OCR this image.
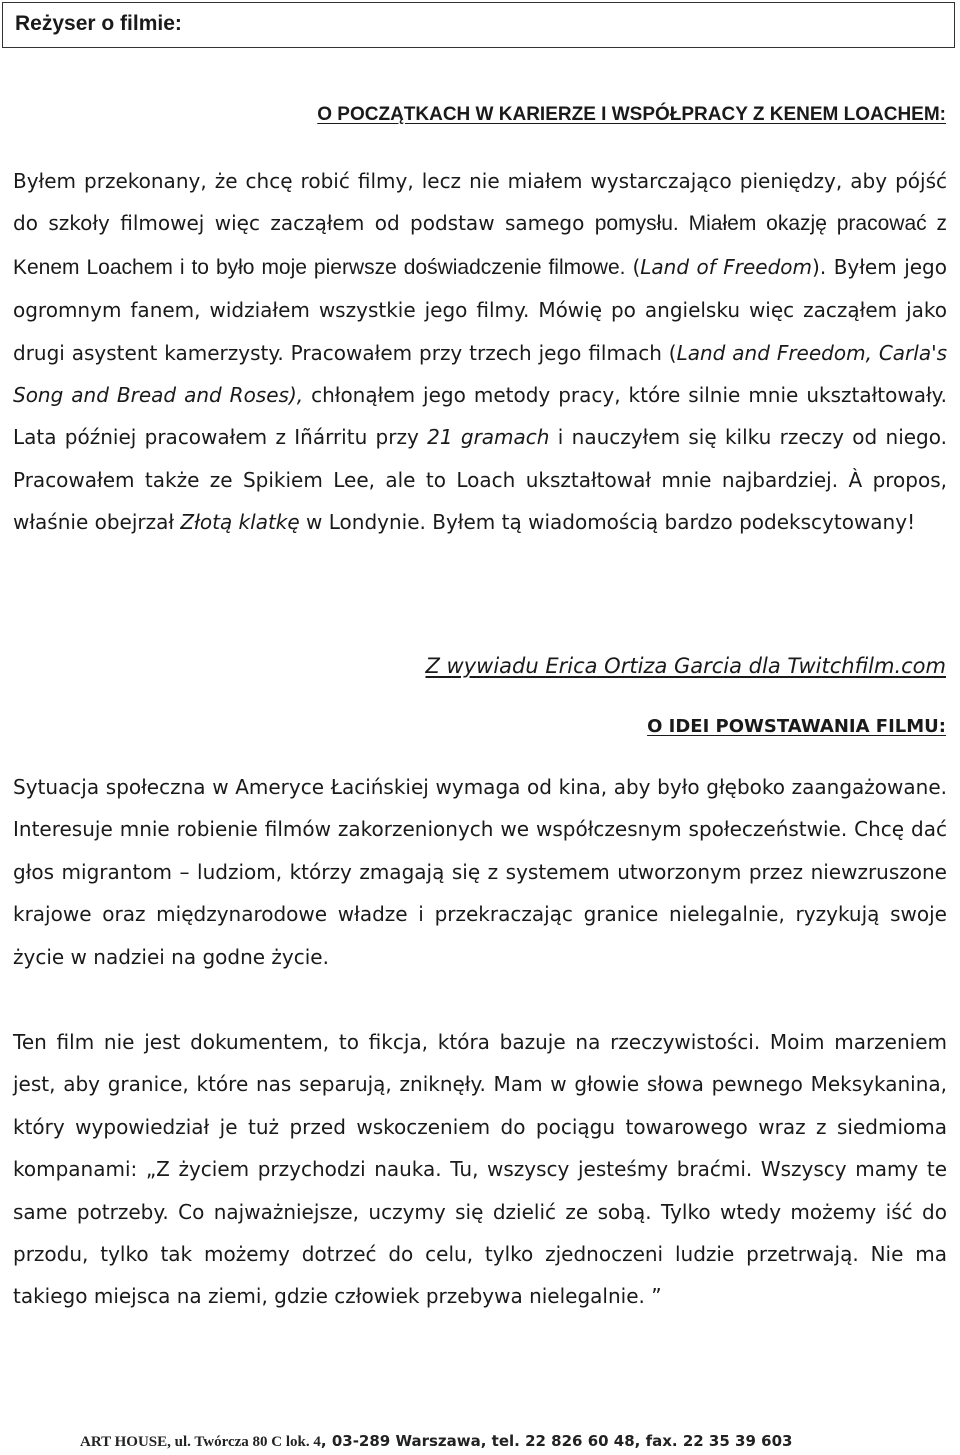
Reżyser o filmie:
O POCZĄTKACH W KARIERZE I WSPÓŁPRACY Z KENEM LOACHEM:

Byłem przekonany, że chcę robić filmy, lecz nie miałem wystarczająco pieniędzy, aby pójść do szkoły filmowej więc zacząłem od podstaw samego pomysłu. Miałem okazję pracować z Kenem Loachem i to było moje pierwsze doświadczenie filmowe. (Land of Freedom). Byłem jego ogromnym fanem, widziałem wszystkie jego filmy. Mówię po angielsku więc zacząłem jako drugi asystent kamerzysty. Pracowałem przy trzech jego filmach (Land and Freedom, Carla's Song and Bread and Roses), chłonąłem jego metody pracy, które silnie mnie ukształtowały. Lata później pracowałem z Iñárritu przy 21 gramach i nauczyłem się kilku rzeczy od niego. Pracowałem także ze Spikiem Lee, ale to Loach ukształtował mnie najbardziej. À propos, właśnie obejrzał Złotą klatkę w Londynie. Byłem tą wiadomością bardzo podekscytowany!

Z wywiadu Erica Ortiza Garcia dla Twitchfilm.com
O IDEI POWSTAWANIA FILMU:

Sytuacja społeczna w Ameryce Łacińskiej wymaga od kina, aby było głęboko zaangażowane. Interesuje mnie robienie filmów zakorzenionych we współczesnym społeczeństwie. Chcę dać głos migrantom – ludziom, którzy zmagają się z systemem utworzonym przez niewzruszone krajowe oraz międzynarodowe władze i przekraczając granice nielegalnie, ryzykują swoje życie w nadziei na godne życie.

Ten film nie jest dokumentem, to fikcja, która bazuje na rzeczywistości. Moim marzeniem jest, aby granice, które nas separują, zniknęły. Mam w głowie słowa pewnego Meksykanina, który wypowiedział je tuż przed wskoczeniem do pociągu towarowego wraz z siedmioma kompanami: „Z życiem przychodzi nauka. Tu, wszyscy jesteśmy braćmi. Wszyscy mamy te same potrzeby. Co najważniejsze, uczymy się dzielić ze sobą. Tylko wtedy możemy iść do przodu, tylko tak możemy dotrzeć do celu, tylko zjednoczeni ludzie przetrwają. Nie ma takiego miejsca na ziemi, gdzie człowiek przebywa nielegalnie. ”

ART HOUSE, ul. Twórcza 80 C lok. 4, 03-289 Warszawa, tel. 22 826 60 48, fax. 22 35 39 603
